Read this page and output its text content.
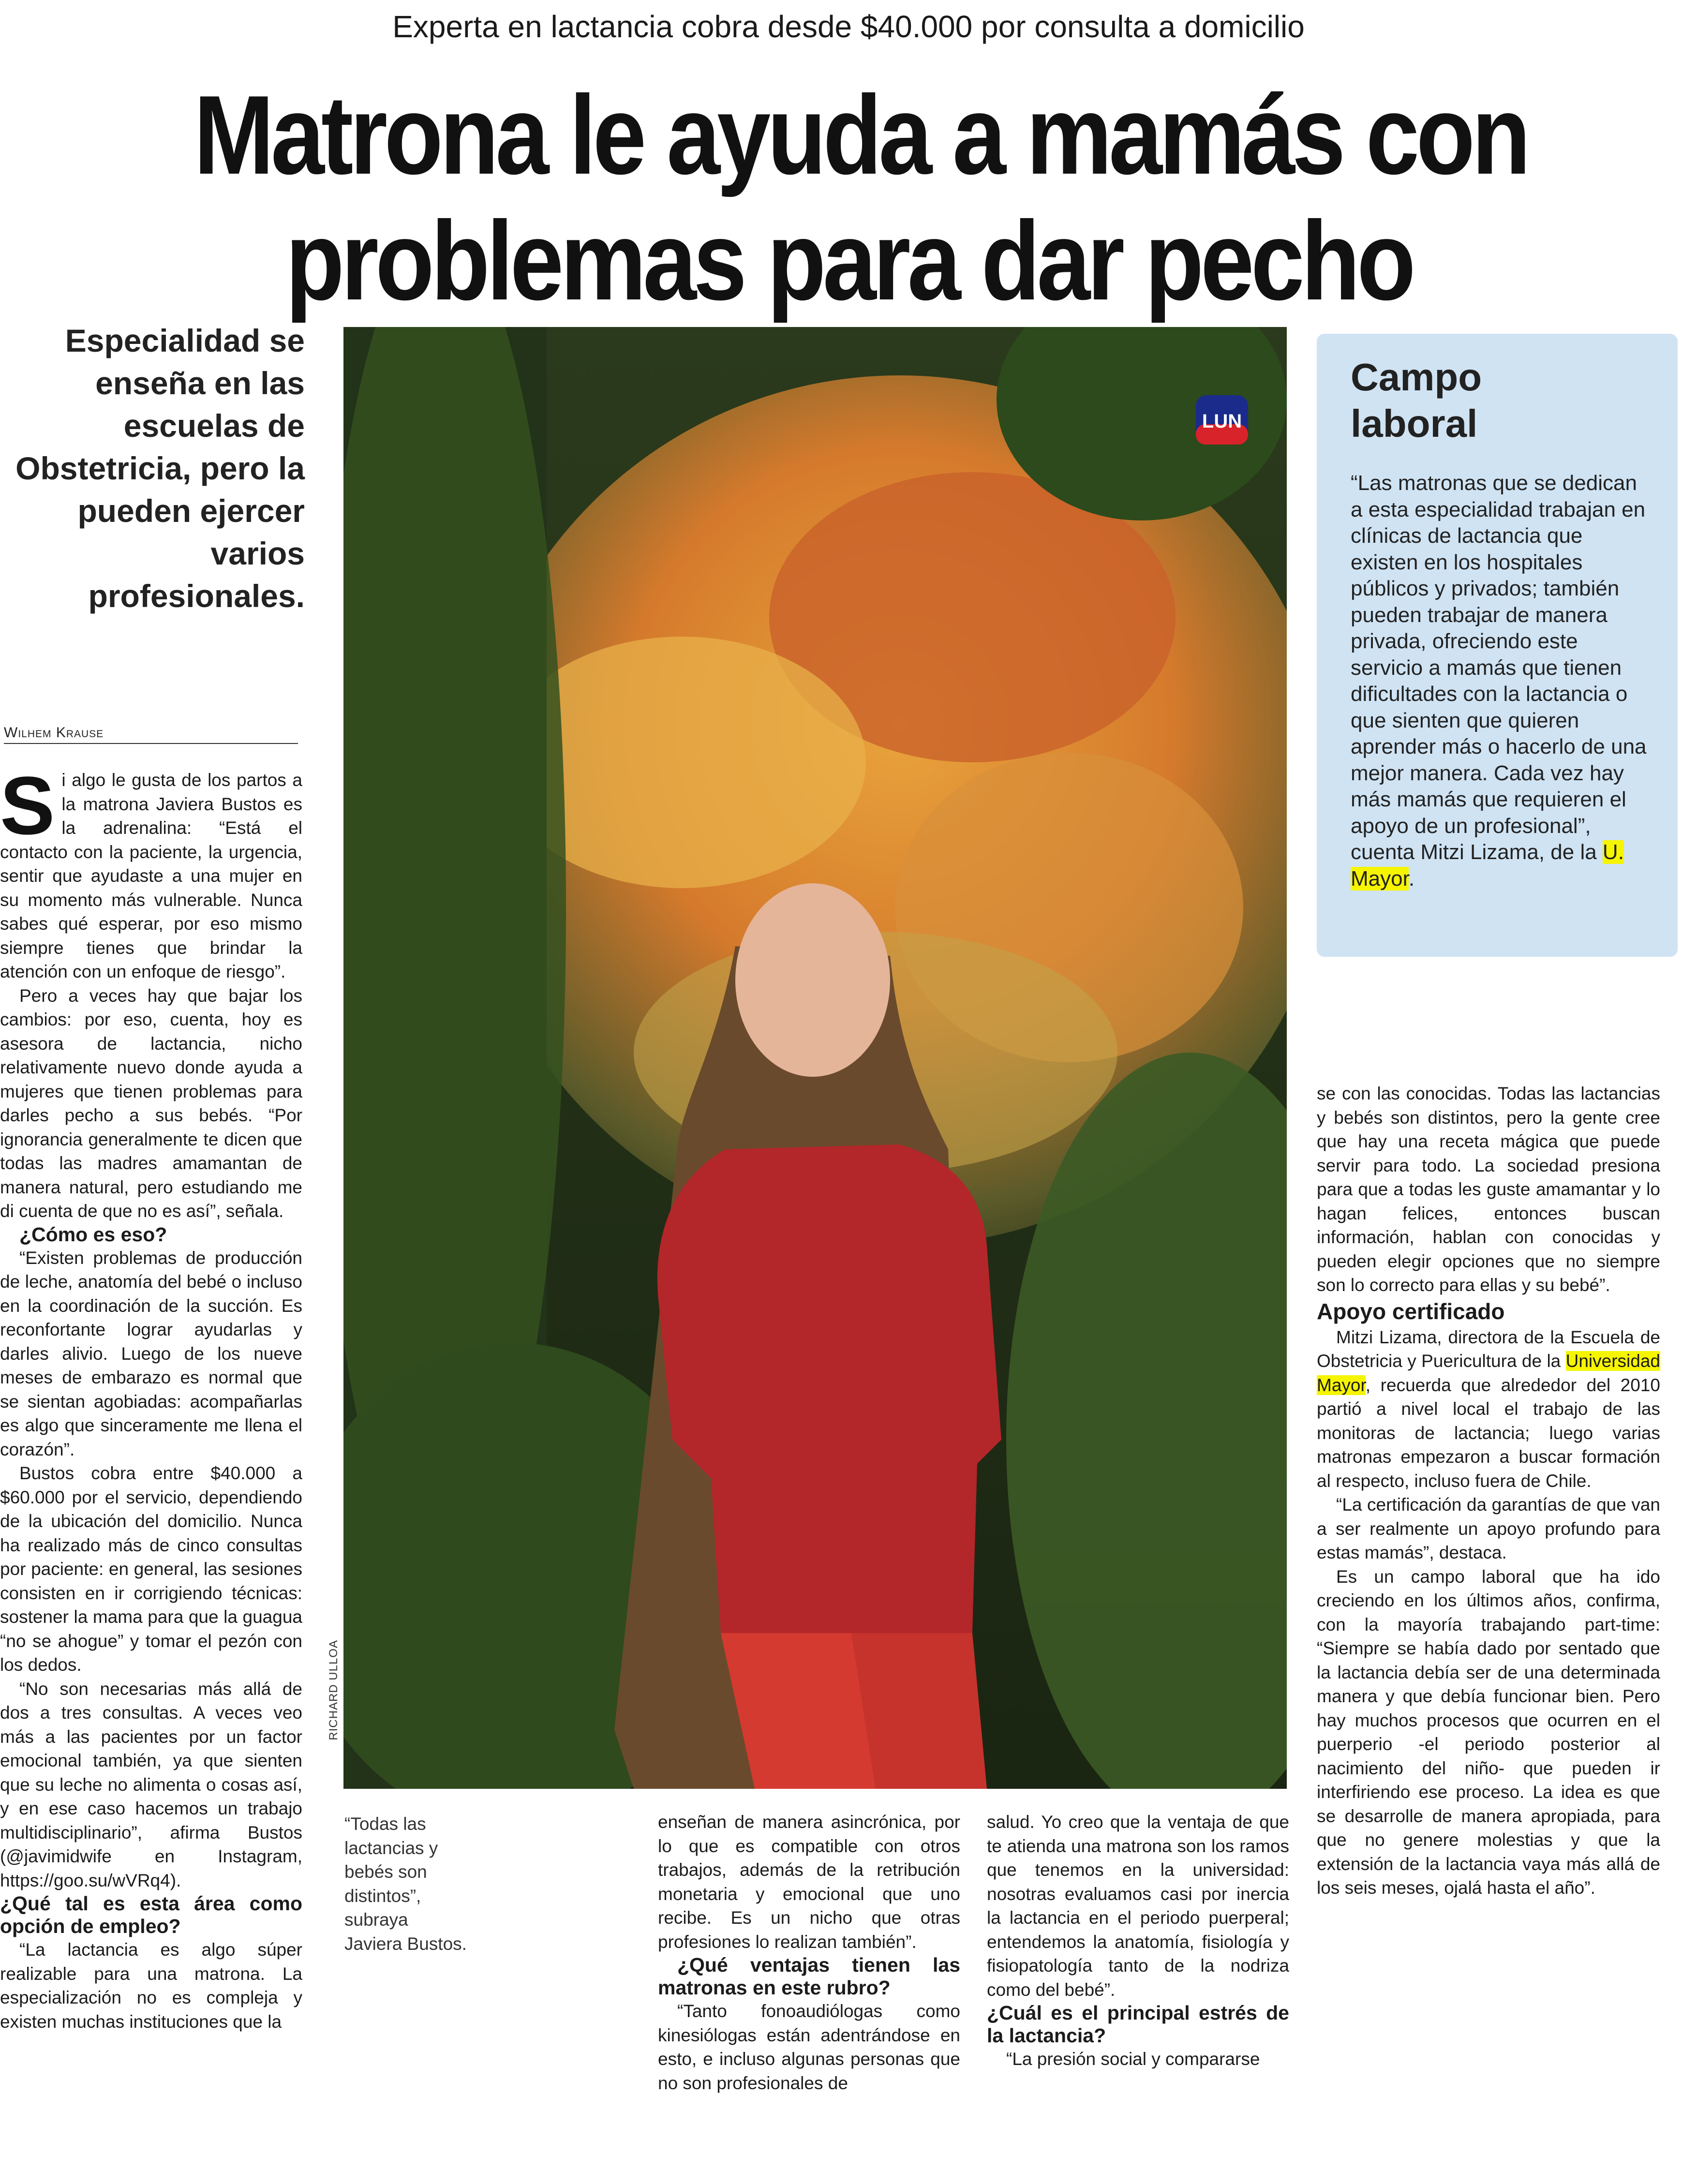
Experta en lactancia cobra desde $40.000 por consulta a domicilio
Matrona le ayuda a mamás con
problemas para dar pecho
Especialidad se enseña en las escuelas de Obstetricia, pero la pueden ejercer varios profesionales.
Wilhem Krause
S i algo le gusta de los partos a la matrona Javiera Bustos es la adrenalina: “Está el contacto con la paciente, la urgencia, sentir que ayudaste a una mujer en su momento más vulnerable. Nunca sabes qué esperar, por eso mismo siempre tienes que brindar la atención con un enfoque de riesgo”.

Pero a veces hay que bajar los cambios: por eso, cuenta, hoy es asesora de lactancia, nicho relativamente nuevo donde ayuda a mujeres que tienen problemas para darles pecho a sus bebés. “Por ignorancia generalmente te dicen que todas las madres amamantan de manera natural, pero estudiando me di cuenta de que no es así”, señala.

¿Cómo es eso?

“Existen problemas de producción de leche, anatomía del bebé o incluso en la coordinación de la succión. Es reconfortante lograr ayudarlas y darles alivio. Luego de los nueve meses de embarazo es normal que se sientan agobiadas: acompañarlas es algo que sinceramente me llena el corazón”.

Bustos cobra entre $40.000 a $60.000 por el servicio, dependiendo de la ubicación del domicilio. Nunca ha realizado más de cinco consultas por paciente: en general, las sesiones consisten en ir corrigiendo técnicas: sostener la mama para que la guagua “no se ahogue” y tomar el pezón con los dedos.

“No son necesarias más allá de dos a tres consultas. A veces veo más a las pacientes por un factor emocional también, ya que sienten que su leche no alimenta o cosas así, y en ese caso hacemos un trabajo multidisciplinario”, afirma Bustos (@javimidwife en Instagram, https://goo.su/wVRq4).

¿Qué tal es esta área como opción de empleo?

“La lactancia es algo súper realizable para una matrona. La especialización no es compleja y existen muchas instituciones que la

RICHARD ULLOA
LUN
Campo
laboral
“Las matronas que se dedican a esta especialidad trabajan en clínicas de lactancia que existen en los hospitales públicos y privados; también pueden trabajar de manera privada, ofreciendo este servicio a mamás que tienen dificultades con la lactancia o que sienten que quieren aprender más o hacerlo de una mejor manera. Cada vez hay más mamás que requieren el apoyo de un profesional”, cuenta Mitzi Lizama, de la U. Mayor.

se con las conocidas. Todas las lactancias y bebés son distintos, pero la gente cree que hay una receta mágica que puede servir para todo. La sociedad presiona para que a todas les guste amamantar y lo hagan felices, entonces buscan información, hablan con conocidas y pueden elegir opciones que no siempre son lo correcto para ellas y su bebé”.

Apoyo certificado

Mitzi Lizama, directora de la Escuela de Obstetricia y Puericultura de la Universidad Mayor, recuerda que alrededor del 2010 partió a nivel local el trabajo de las monitoras de lactancia; luego varias matronas empezaron a buscar formación al respecto, incluso fuera de Chile.

“La certificación da garantías de que van a ser realmente un apoyo profundo para estas mamás”, destaca.

Es un campo laboral que ha ido creciendo en los últimos años, confirma, con la mayoría trabajando part-time: “Siempre se había dado por sentado que la lactancia debía ser de una determinada manera y que debía funcionar bien. Pero hay muchos procesos que ocurren en el puerperio -el periodo posterior al nacimiento del niño- que pueden ir interfiriendo ese proceso. La idea es que se desarrolle de manera apropiada, para que no genere molestias y que la extensión de la lactancia vaya más allá de los seis meses, ojalá hasta el año”.

“Todas las lactancias y bebés son distintos”, subraya Javiera Bustos.

enseñan de manera asincrónica, por lo que es compatible con otros trabajos, además de la retribución monetaria y emocional que uno recibe. Es un nicho que otras profesiones lo realizan también”.

¿Qué ventajas tienen las matronas en este rubro?

“Tanto fonoaudiólogas como kinesiólogas están adentrándose en esto, e incluso algunas personas que no son profesionales de

salud. Yo creo que la ventaja de que te atienda una matrona son los ramos que tenemos en la universidad: nosotras evaluamos casi por inercia la lactancia en el periodo puerperal; entendemos la anatomía, fisiología y fisiopatología tanto de la nodriza como del bebé”.

¿Cuál es el principal estrés de la lactancia?

“La presión social y compararse
